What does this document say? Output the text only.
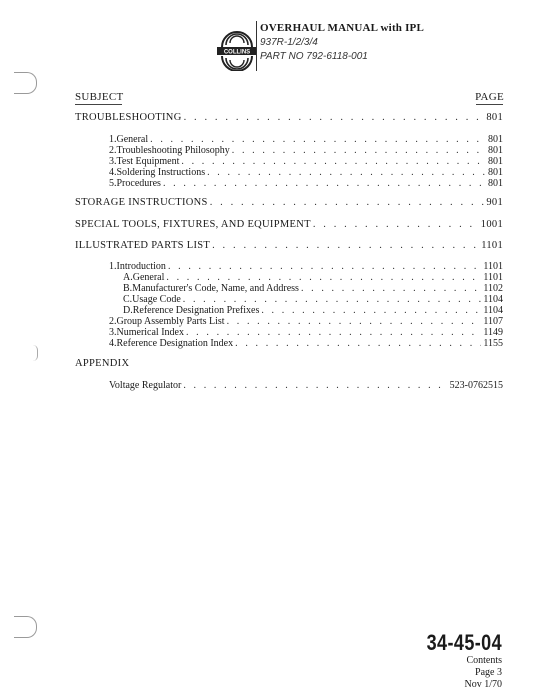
COLLINS
OVERHAUL MANUAL with IPL
937R-1/2/3/4
PART NO 792-6118-001
SUBJECT	PAGE
TROUBLESHOOTING . . .	801
1. General . . .	801
2. Troubleshooting Philosophy . . .	801
3. Test Equipment . . .	801
4. Soldering Instructions . . .	801
5. Procedures . . .	801
STORAGE INSTRUCTIONS . . .	901
SPECIAL TOOLS, FIXTURES, AND EQUIPMENT . . .	1001
ILLUSTRATED PARTS LIST . . .	1101
1. Introduction . . .	1101
A. General . . .	1101
B. Manufacturer's Code, Name, and Address . . .	1102
C. Usage Code . . .	1104
D. Reference Designation Prefixes . . .	1104
2. Group Assembly Parts List . . .	1107
3. Numerical Index . . .	1149
4. Reference Designation Index . . .	1155
APPENDIX
Voltage Regulator . . .	523-0762515
34-45-04
Contents
Page 3
Nov 1/70
